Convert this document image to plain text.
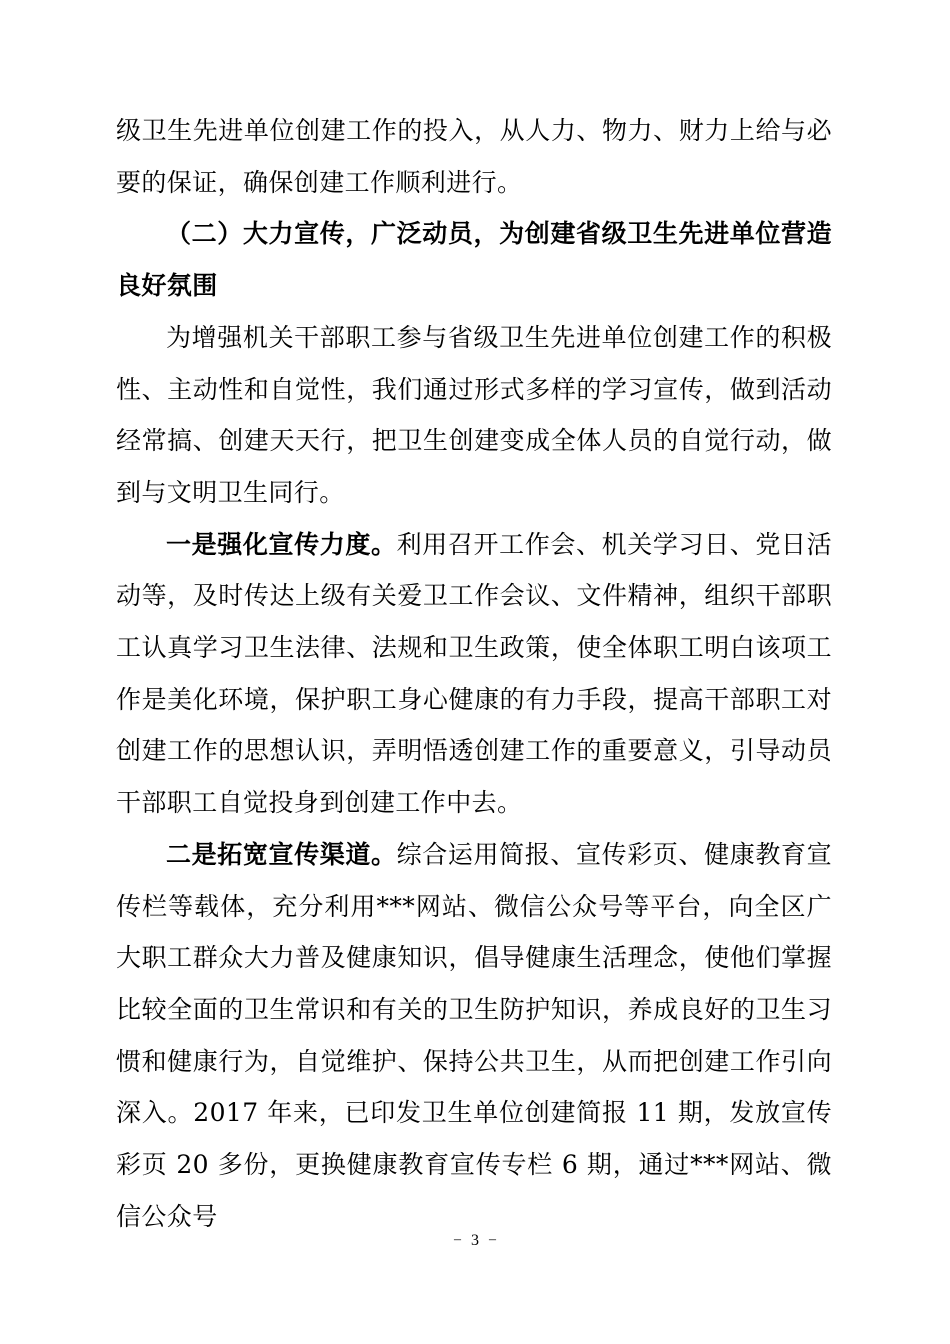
级卫生先进单位创建工作的投入，从人力、物力、财力上给与必要的保证，确保创建工作顺利进行。

（二）大力宣传，广泛动员，为创建省级卫生先进单位营造良好氛围

为增强机关干部职工参与省级卫生先进单位创建工作的积极性、主动性和自觉性，我们通过形式多样的学习宣传，做到活动经常搞、创建天天行，把卫生创建变成全体人员的自觉行动，做到与文明卫生同行。

一是强化宣传力度。利用召开工作会、机关学习日、党日活动等，及时传达上级有关爱卫工作会议、文件精神，组织干部职工认真学习卫生法律、法规和卫生政策，使全体职工明白该项工作是美化环境，保护职工身心健康的有力手段，提高干部职工对创建工作的思想认识，弄明悟透创建工作的重要意义，引导动员干部职工自觉投身到创建工作中去。

二是拓宽宣传渠道。综合运用简报、宣传彩页、健康教育宣传栏等载体，充分利用***网站、微信公众号等平台，向全区广大职工群众大力普及健康知识，倡导健康生活理念，使他们掌握比较全面的卫生常识和有关的卫生防护知识，养成良好的卫生习惯和健康行为，自觉维护、保持公共卫生，从而把创建工作引向深入。2017 年来，已印发卫生单位创建简报 11 期，发放宣传彩页 20 多份，更换健康教育宣传专栏 6 期，通过***网站、微信公众号

– 3 –
